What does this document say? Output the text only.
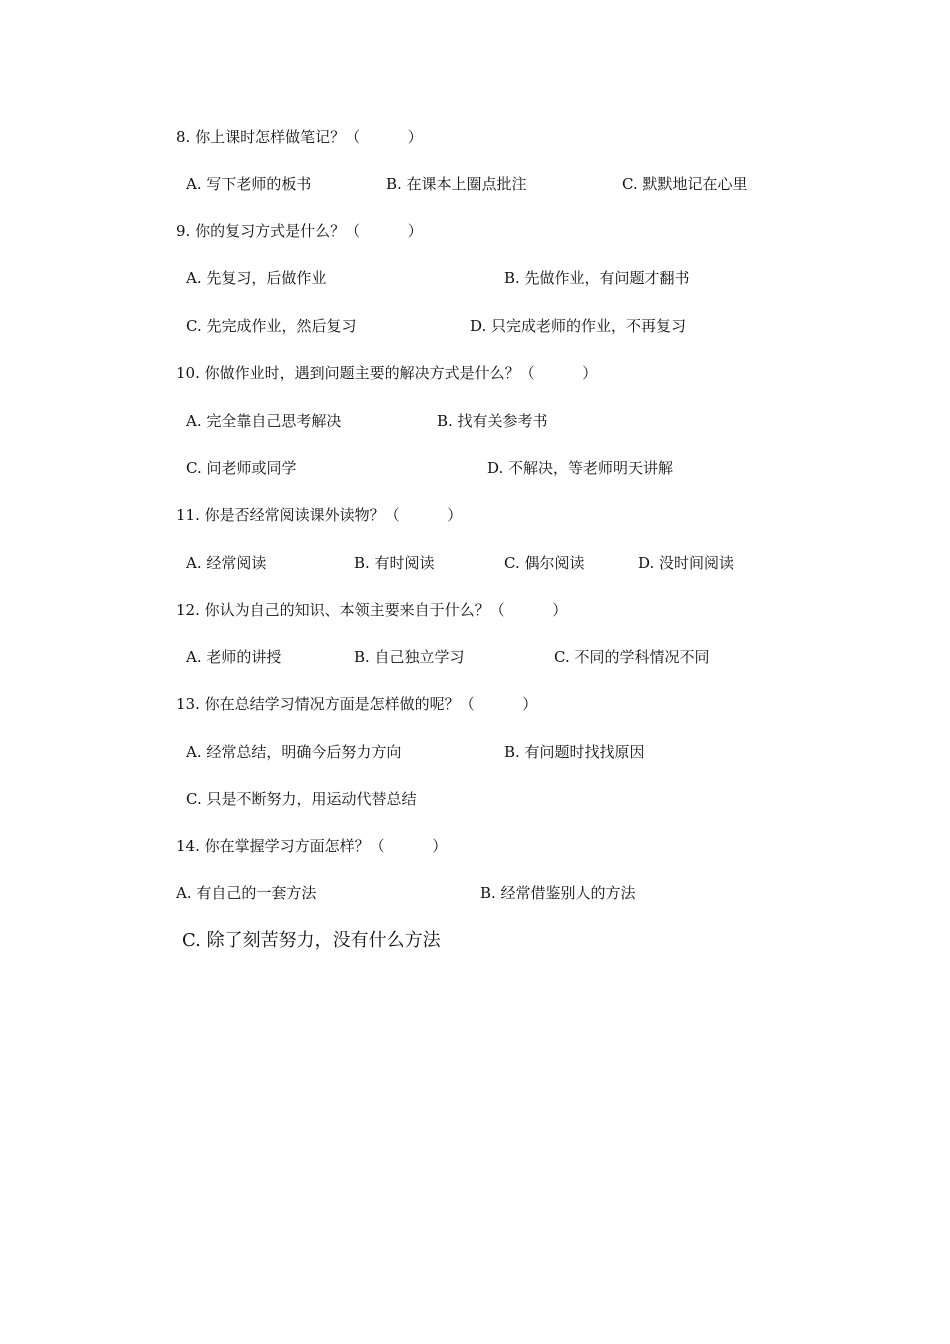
8. 你上课时怎样做笔记？（          ）
A. 写下老师的板书	B. 在课本上圈点批注	C. 默默地记在心里
9. 你的复习方式是什么？（          ）
A. 先复习，后做作业	B. 先做作业，有问题才翻书
C. 先完成作业，然后复习	D. 只完成老师的作业，不再复习
10. 你做作业时，遇到问题主要的解决方式是什么？（          ）
A. 完全靠自己思考解决	B. 找有关参考书
C. 问老师或同学	D. 不解决，等老师明天讲解
11. 你是否经常阅读课外读物？（          ）
A. 经常阅读	B. 有时阅读	C. 偶尔阅读	D. 没时间阅读
12. 你认为自己的知识、本领主要来自于什么？（          ）
A. 老师的讲授	B. 自己独立学习	C. 不同的学科情况不同
13. 你在总结学习情况方面是怎样做的呢？（          ）
A. 经常总结，明确今后努力方向	B. 有问题时找找原因
C. 只是不断努力，用运动代替总结
14. 你在掌握学习方面怎样？（          ）
A. 有自己的一套方法	B. 经常借鉴别人的方法
C. 除了刻苦努力，没有什么方法
